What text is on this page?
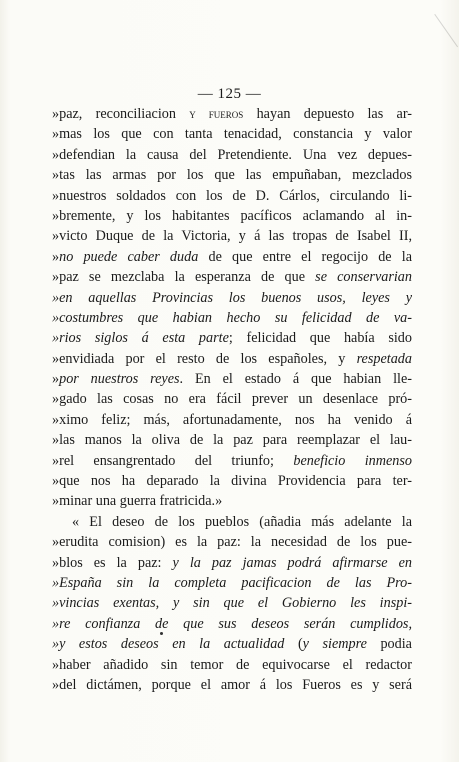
— 125 —
»paz, reconciliacion y fueros hayan depuesto las ar-
»mas los que con tanta tenacidad, constancia y valor
»defendian la causa del Pretendiente. Una vez depues-
»tas las armas por los que las empuñaban, mezclados
»nuestros soldados con los de D. Cárlos, circulando li-
»bremente, y los habitantes pacíficos aclamando al in-
»victo Duque de la Victoria, y á las tropas de Isabel II,
»no puede caber duda de que entre el regocijo de la
»paz se mezclaba la esperanza de que se conservarian
»en aquellas Provincias los buenos usos, leyes y
»costumbres que habian hecho su felicidad de va-
»rios siglos á esta parte; felicidad que había sido
»envidiada por el resto de los españoles, y respetada
»por nuestros reyes. En el estado á que habian lle-
»gado las cosas no era fácil prever un desenlace pró-
»ximo feliz; más, afortunadamente, nos ha venido á
»las manos la oliva de la paz para reemplazar el lau-
»rel ensangrentado del triunfo; beneficio inmenso
»que nos ha deparado la divina Providencia para ter-
»minar una guerra fratricida.»
« El deseo de los pueblos (añadia más adelante la
»erudita comision) es la paz: la necesidad de los pue-
»blos es la paz: y la paz jamas podrá afirmarse en
»España sin la completa pacificacion de las Pro-
»vincias exentas, y sin que el Gobierno les inspi-
»re confianza de que sus deseos serán cumplidos,
»y estos deseos en la actualidad (y siempre podia
»haber añadido sin temor de equivocarse el redactor
»del dictámen, porque el amor á los Fueros es y será
